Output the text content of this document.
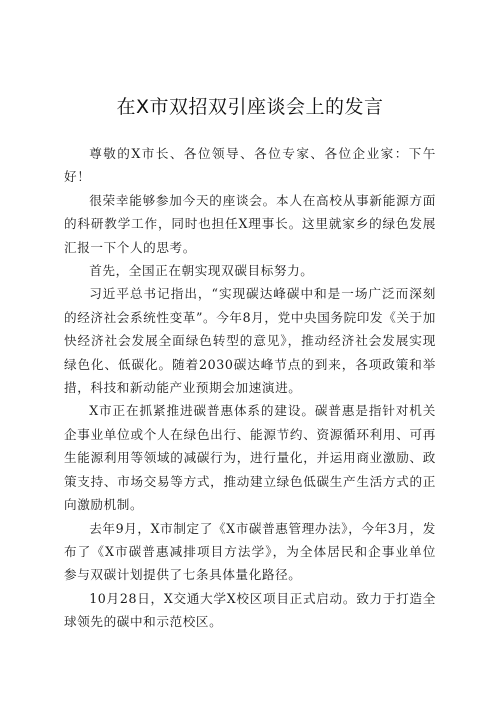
在X市双招双引座谈会上的发言

尊敬的X市长、各位领导、各位专家、各位企业家：下午好！

很荣幸能够参加今天的座谈会。本人在高校从事新能源方面的科研教学工作，同时也担任X理事长。这里就家乡的绿色发展汇报一下个人的思考。

首先，全国正在朝实现双碳目标努力。

习近平总书记指出，“实现碳达峰碳中和是一场广泛而深刻的经济社会系统性变革”。今年8月，党中央国务院印发《关于加快经济社会发展全面绿色转型的意见》，推动经济社会发展实现绿色化、低碳化。随着2030碳达峰节点的到来，各项政策和举措，科技和新动能产业预期会加速演进。

X市正在抓紧推进碳普惠体系的建设。碳普惠是指针对机关企事业单位或个人在绿色出行、能源节约、资源循环利用、可再生能源利用等领域的减碳行为，进行量化，并运用商业激励、政策支持、市场交易等方式，推动建立绿色低碳生产生活方式的正向激励机制。

去年9月，X市制定了《X市碳普惠管理办法》，今年3月，发布了《X市碳普惠减排项目方法学》，为全体居民和企事业单位参与双碳计划提供了七条具体量化路径。

10月28日，X交通大学X校区项目正式启动。致力于打造全球领先的碳中和示范校区。
